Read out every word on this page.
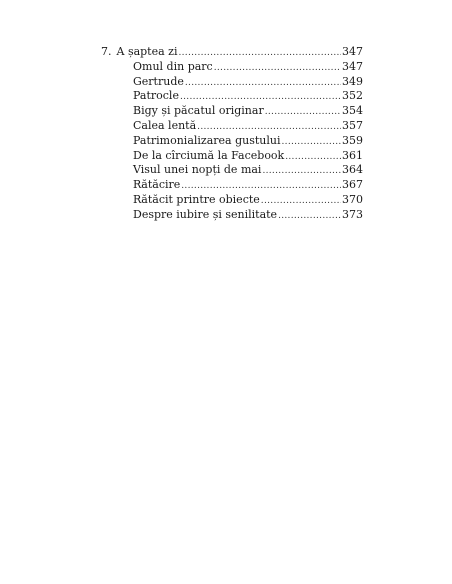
7. A șaptea zi .....	347
Omul din parc .....	347
Gertrude .....	349
Patrocle .....	352
Bigy și păcatul originar .....	354
Calea lentă .....	357
Patrimonializarea gustului .....	359
De la cîrciumă la Facebook .....	361
Visul unei nopți de mai .....	364
Rătăcire .....	367
Rătăcit printre obiecte .....	370
Despre iubire și senilitate .....	373
